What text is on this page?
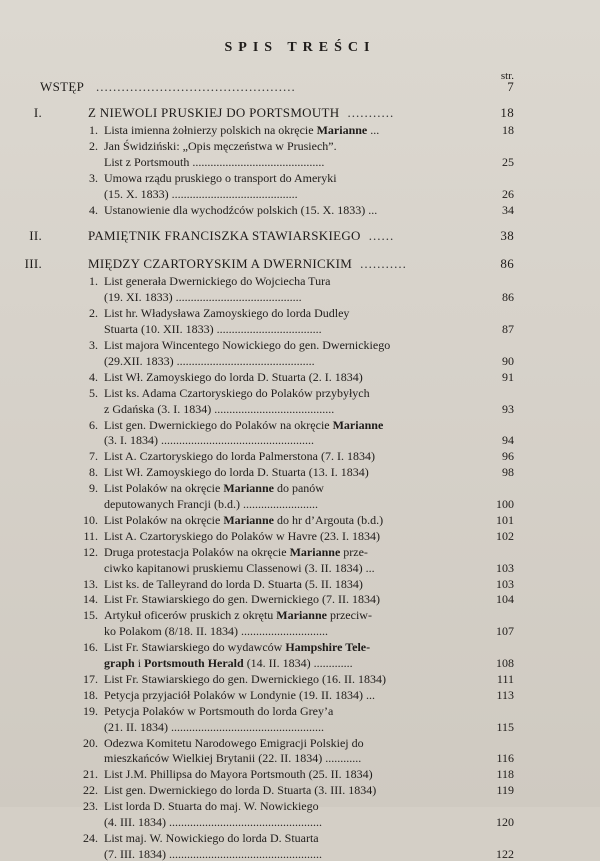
SPIS TREŚCI
str.
WSTĘP ...............................................	7
I.	Z NIEWOLI PRUSKIEJ DO PORTSMOUTH ...........	18
1. Lista imienna żołnierzy polskich na okręcie Marianne ...	18
2. Jan Świdziński: „Opis męczeństwa w Prusiech”.
List z Portsmouth ............................................	25
3. Umowa rządu pruskiego o transport do Ameryki
(15. X. 1833) ..........................................	26
4. Ustanowienie dla wychodźców polskich (15. X. 1833) ...	34
II.	PAMIĘTNIK FRANCISZKA STAWIARSKIEGO ......	38
III.	MIĘDZY CZARTORYSKIM A DWERNICKIM ...........	86
1. List generała Dwernickiego do Wojciecha Tura
(19. XI. 1833) ..........................................	86
2. List hr. Władysława Zamoyskiego do lorda Dudley
Stuarta (10. XII. 1833) ...................................	87
3. List majora Wincentego Nowickiego do gen. Dwernickiego
(29.XII. 1833) ..............................................	90
4. List Wł. Zamoyskiego do lorda D. Stuarta (2. I. 1834)	91
5. List ks. Adama Czartoryskiego do Polaków przybyłych
z Gdańska (3. I. 1834) ........................................	93
6. List gen. Dwernickiego do Polaków na okręcie Marianne
(3. I. 1834) ...................................................	94
7. List A. Czartoryskiego do lorda Palmerstona (7. I. 1834)	96
8. List Wł. Zamoyskiego do lorda D. Stuarta (13. I. 1834)	98
9. List Polaków na okręcie Marianne do panów
deputowanych Francji (b.d.) .........................	100
10. List Polaków na okręcie Marianne do hr d’Argouta (b.d.)	101
11. List A. Czartoryskiego do Polaków w Havre (23. I. 1834)	102
12. Druga protestacja Polaków na okręcie Marianne prze-
ciwko kapitanowi pruskiemu Classenowi (3. II. 1834) ...	103
13. List ks. de Talleyrand do lorda D. Stuarta (5. II. 1834)	103
14. List Fr. Stawiarskiego do gen. Dwernickiego (7. II. 1834)	104
15. Artykuł oficerów pruskich z okrętu Marianne przeciw-
ko Polakom (8/18. II. 1834) .............................	107
16. List Fr. Stawiarskiego do wydawców Hampshire Tele-
graph i Portsmouth Herald (14. II. 1834) .............	108
17. List Fr. Stawiarskiego do gen. Dwernickiego (16. II. 1834)	111
18. Petycja przyjaciół Polaków w Londynie (19. II. 1834) ...	113
19. Petycja Polaków w Portsmouth do lorda Grey’a
(21. II. 1834) ...................................................	115
20. Odezwa Komitetu Narodowego Emigracji Polskiej do
mieszkańców Wielkiej Brytanii (22. II. 1834) ............	116
21. List J.M. Phillipsa do Mayora Portsmouth (25. II. 1834)	118
22. List gen. Dwernickiego do lorda D. Stuarta (3. III. 1834)	119
23. List lorda D. Stuarta do maj. W. Nowickiego
(4. III. 1834) ...................................................	120
24. List maj. W. Nowickiego do lorda D. Stuarta
(7. III. 1834) ...................................................	122
